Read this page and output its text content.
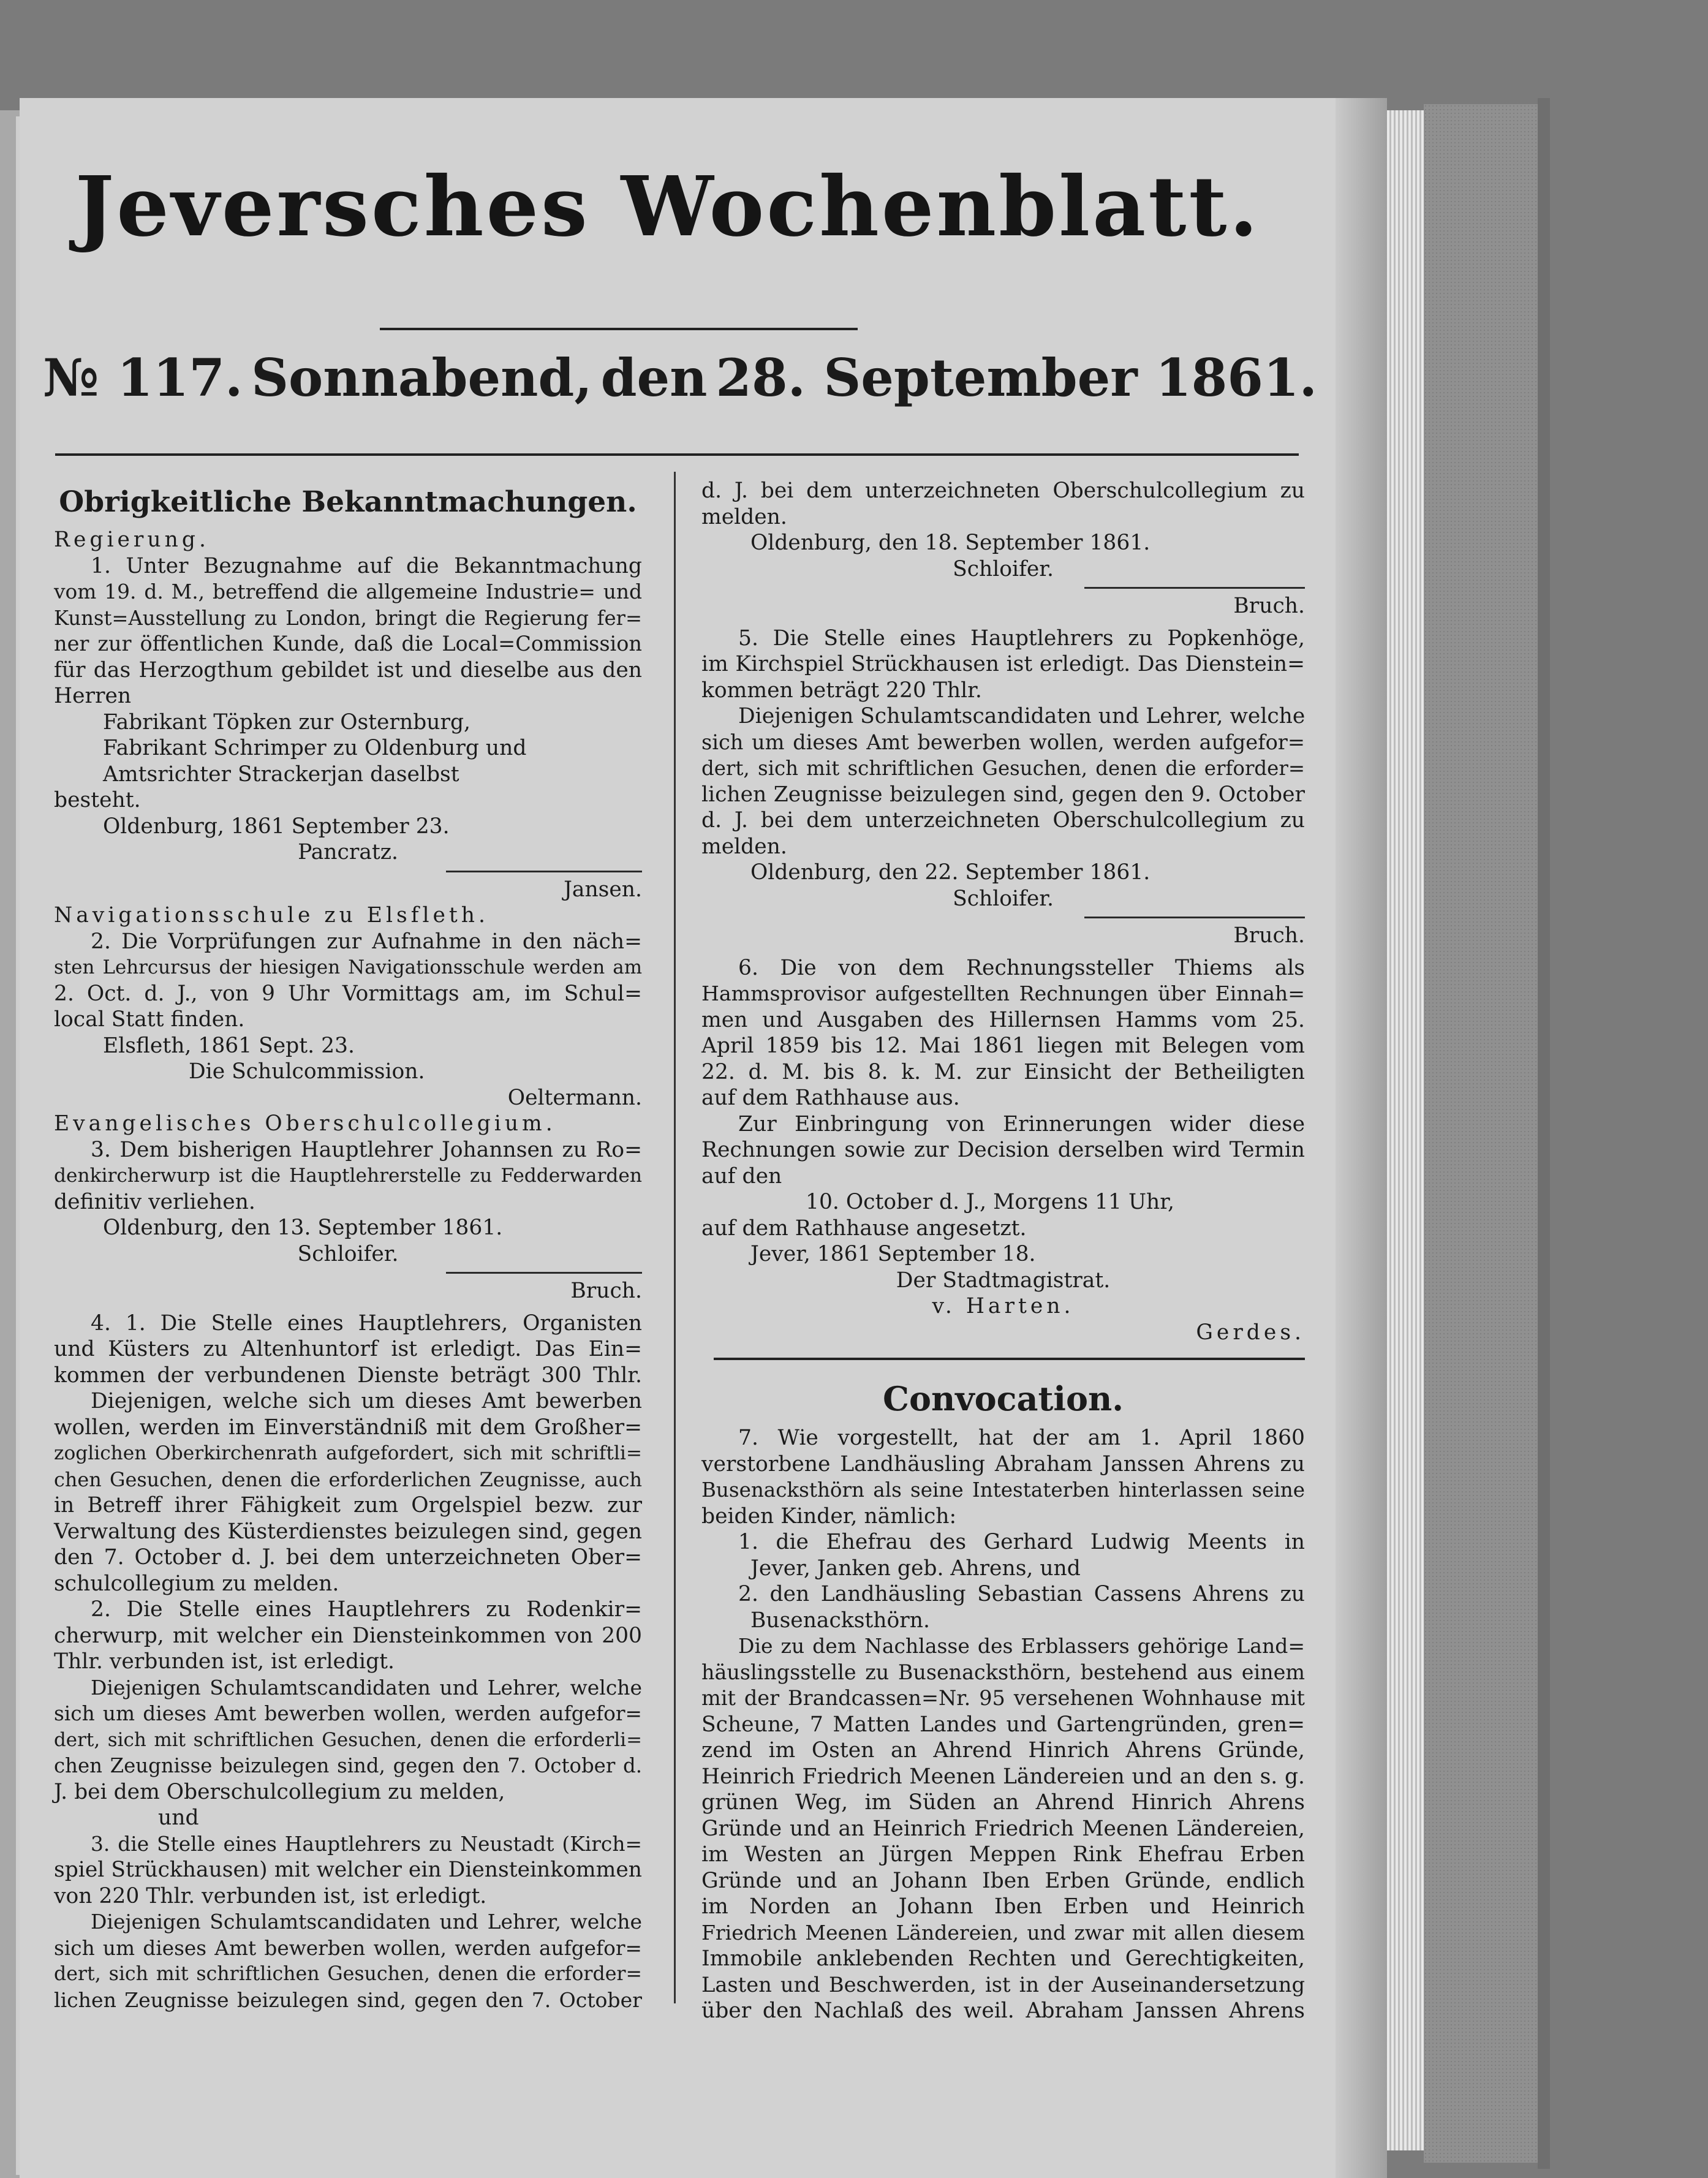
Jeversches Wochenblatt.
№ 117. Sonnabend, den 28. September 1861.
Obrigkeitliche Bekanntmachungen.
Regierung.
1. Unter Bezugnahme auf die Bekanntmachung
vom 19. d. M., betreffend die allgemeine Industrie= und
Kunst=Ausstellung zu London, bringt die Regierung fer=
ner zur öffentlichen Kunde, daß die Local=Commission
für das Herzogthum gebildet ist und dieselbe aus den
Herren
Fabrikant Töpken zur Osternburg,
Fabrikant Schrimper zu Oldenburg und
Amtsrichter Strackerjan daselbst
besteht.
Oldenburg, 1861 September 23.
Pancratz.
Jansen.
Navigationsschule zu Elsfleth.
2. Die Vorprüfungen zur Aufnahme in den näch=
sten Lehrcursus der hiesigen Navigationsschule werden am
2. Oct. d. J., von 9 Uhr Vormittags am, im Schul=
local Statt finden.
Elsfleth, 1861 Sept. 23.
Die Schulcommission.
Oeltermann.
Evangelisches Oberschulcollegium.
3. Dem bisherigen Hauptlehrer Johannsen zu Ro=
denkircherwurp ist die Hauptlehrerstelle zu Fedderwarden
definitiv verliehen.
Oldenburg, den 13. September 1861.
Schloifer.
Bruch.
4. 1. Die Stelle eines Hauptlehrers, Organisten
und Küsters zu Altenhuntorf ist erledigt. Das Ein=
kommen der verbundenen Dienste beträgt 300 Thlr.
Diejenigen, welche sich um dieses Amt bewerben
wollen, werden im Einverständniß mit dem Großher=
zoglichen Oberkirchenrath aufgefordert, sich mit schriftli=
chen Gesuchen, denen die erforderlichen Zeugnisse, auch
in Betreff ihrer Fähigkeit zum Orgelspiel bezw. zur
Verwaltung des Küsterdienstes beizulegen sind, gegen
den 7. October d. J. bei dem unterzeichneten Ober=
schulcollegium zu melden.
2. Die Stelle eines Hauptlehrers zu Rodenkir=
cherwurp, mit welcher ein Diensteinkommen von 200
Thlr. verbunden ist, ist erledigt.
Diejenigen Schulamtscandidaten und Lehrer, welche
sich um dieses Amt bewerben wollen, werden aufgefor=
dert, sich mit schriftlichen Gesuchen, denen die erforderli=
chen Zeugnisse beizulegen sind, gegen den 7. October d.
J. bei dem Oberschulcollegium zu melden,
und
3. die Stelle eines Hauptlehrers zu Neustadt (Kirch=
spiel Strückhausen) mit welcher ein Diensteinkommen
von 220 Thlr. verbunden ist, ist erledigt.
Diejenigen Schulamtscandidaten und Lehrer, welche
sich um dieses Amt bewerben wollen, werden aufgefor=
dert, sich mit schriftlichen Gesuchen, denen die erforder=
lichen Zeugnisse beizulegen sind, gegen den 7. October
d. J. bei dem unterzeichneten Oberschulcollegium zu
melden.
Oldenburg, den 18. September 1861.
Schloifer.
Bruch.
5. Die Stelle eines Hauptlehrers zu Popkenhöge,
im Kirchspiel Strückhausen ist erledigt. Das Dienstein=
kommen beträgt 220 Thlr.
Diejenigen Schulamtscandidaten und Lehrer, welche
sich um dieses Amt bewerben wollen, werden aufgefor=
dert, sich mit schriftlichen Gesuchen, denen die erforder=
lichen Zeugnisse beizulegen sind, gegen den 9. October
d. J. bei dem unterzeichneten Oberschulcollegium zu
melden.
Oldenburg, den 22. September 1861.
Schloifer.
Bruch.
6. Die von dem Rechnungssteller Thiems als
Hammsprovisor aufgestellten Rechnungen über Einnah=
men und Ausgaben des Hillernsen Hamms vom 25.
April 1859 bis 12. Mai 1861 liegen mit Belegen vom
22. d. M. bis 8. k. M. zur Einsicht der Betheiligten
auf dem Rathhause aus.
Zur Einbringung von Erinnerungen wider diese
Rechnungen sowie zur Decision derselben wird Termin
auf den
10. October d. J., Morgens 11 Uhr,
auf dem Rathhause angesetzt.
Jever, 1861 September 18.
Der Stadtmagistrat.
v. Harten.
Gerdes.
Convocation.
7. Wie vorgestellt, hat der am 1. April 1860
verstorbene Landhäusling Abraham Janssen Ahrens zu
Busenacksthörn als seine Intestaterben hinterlassen seine
beiden Kinder, nämlich:
1. die Ehefrau des Gerhard Ludwig Meents in
Jever, Janken geb. Ahrens, und
2. den Landhäusling Sebastian Cassens Ahrens zu
Busenacksthörn.
Die zu dem Nachlasse des Erblassers gehörige Land=
häuslingsstelle zu Busenacksthörn, bestehend aus einem
mit der Brandcassen=Nr. 95 versehenen Wohnhause mit
Scheune, 7 Matten Landes und Gartengründen, gren=
zend im Osten an Ahrend Hinrich Ahrens Gründe,
Heinrich Friedrich Meenen Ländereien und an den s. g.
grünen Weg, im Süden an Ahrend Hinrich Ahrens
Gründe und an Heinrich Friedrich Meenen Ländereien,
im Westen an Jürgen Meppen Rink Ehefrau Erben
Gründe und an Johann Iben Erben Gründe, endlich
im Norden an Johann Iben Erben und Heinrich
Friedrich Meenen Ländereien, und zwar mit allen diesem
Immobile anklebenden Rechten und Gerechtigkeiten,
Lasten und Beschwerden, ist in der Auseinandersetzung
über den Nachlaß des weil. Abraham Janssen Ahrens
